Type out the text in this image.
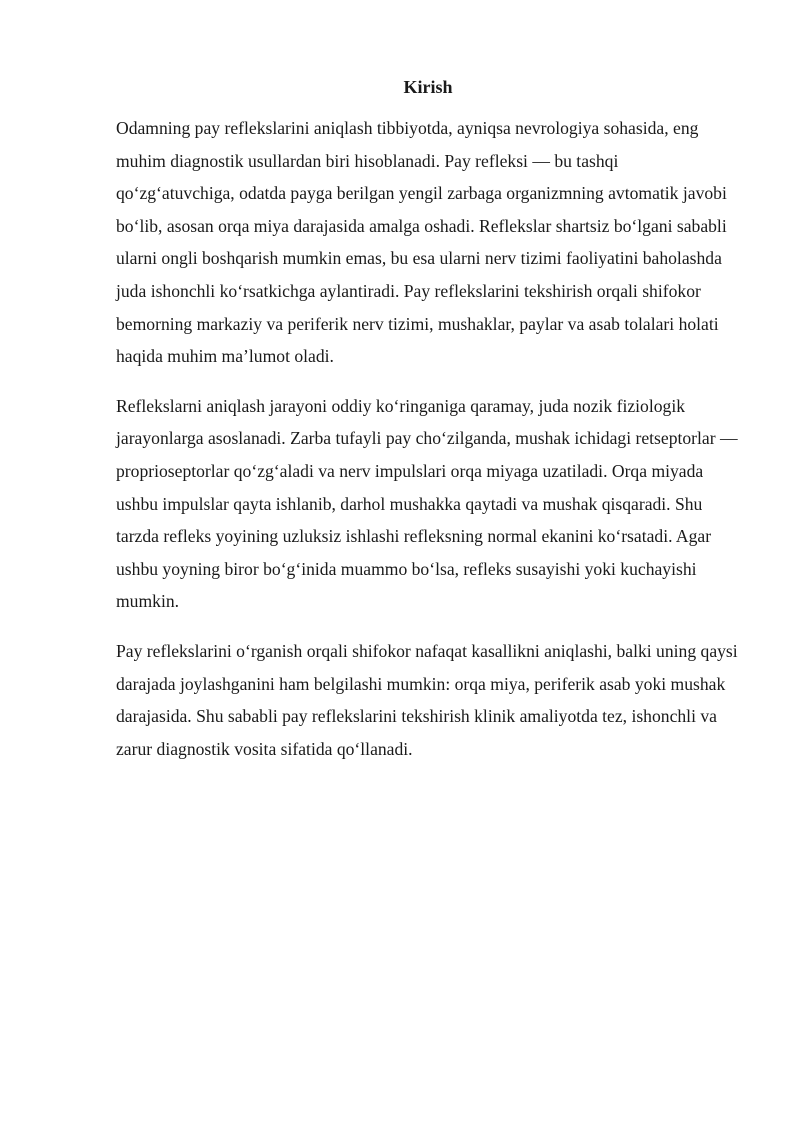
Kirish

Odamning pay reflekslarini aniqlash tibbiyotda, ayniqsa nevrologiya sohasida, eng muhim diagnostik usullardan biri hisoblanadi. Pay refleksi — bu tashqi qo‘zg‘atuvchiga, odatda payga berilgan yengil zarbaga organizmning avtomatik javobi bo‘lib, asosan orqa miya darajasida amalga oshadi. Reflekslar shartsiz bo‘lgani sababli ularni ongli boshqarish mumkin emas, bu esa ularni nerv tizimi faoliyatini baholashda juda ishonchli ko‘rsatkichga aylantiradi. Pay reflekslarini tekshirish orqali shifokor bemorning markaziy va periferik nerv tizimi, mushaklar, paylar va asab tolalari holati haqida muhim ma’lumot oladi.

Reflekslarni aniqlash jarayoni oddiy ko‘ringaniga qaramay, juda nozik fiziologik jarayonlarga asoslanadi. Zarba tufayli pay cho‘zilganda, mushak ichidagi retseptorlar — proprioseptorlar qo‘zg‘aladi va nerv impulslari orqa miyaga uzatiladi. Orqa miyada ushbu impulslar qayta ishlanib, darhol mushakka qaytadi va mushak qisqaradi. Shu tarzda refleks yoyining uzluksiz ishlashi refleksning normal ekanini ko‘rsatadi. Agar ushbu yoyning biror bo‘g‘inida muammo bo‘lsa, refleks susayishi yoki kuchayishi mumkin.

Pay reflekslarini o‘rganish orqali shifokor nafaqat kasallikni aniqlashi, balki uning qaysi darajada joylashganini ham belgilashi mumkin: orqa miya, periferik asab yoki mushak darajasida. Shu sababli pay reflekslarini tekshirish klinik amaliyotda tez, ishonchli va zarur diagnostik vosita sifatida qo‘llanadi.
